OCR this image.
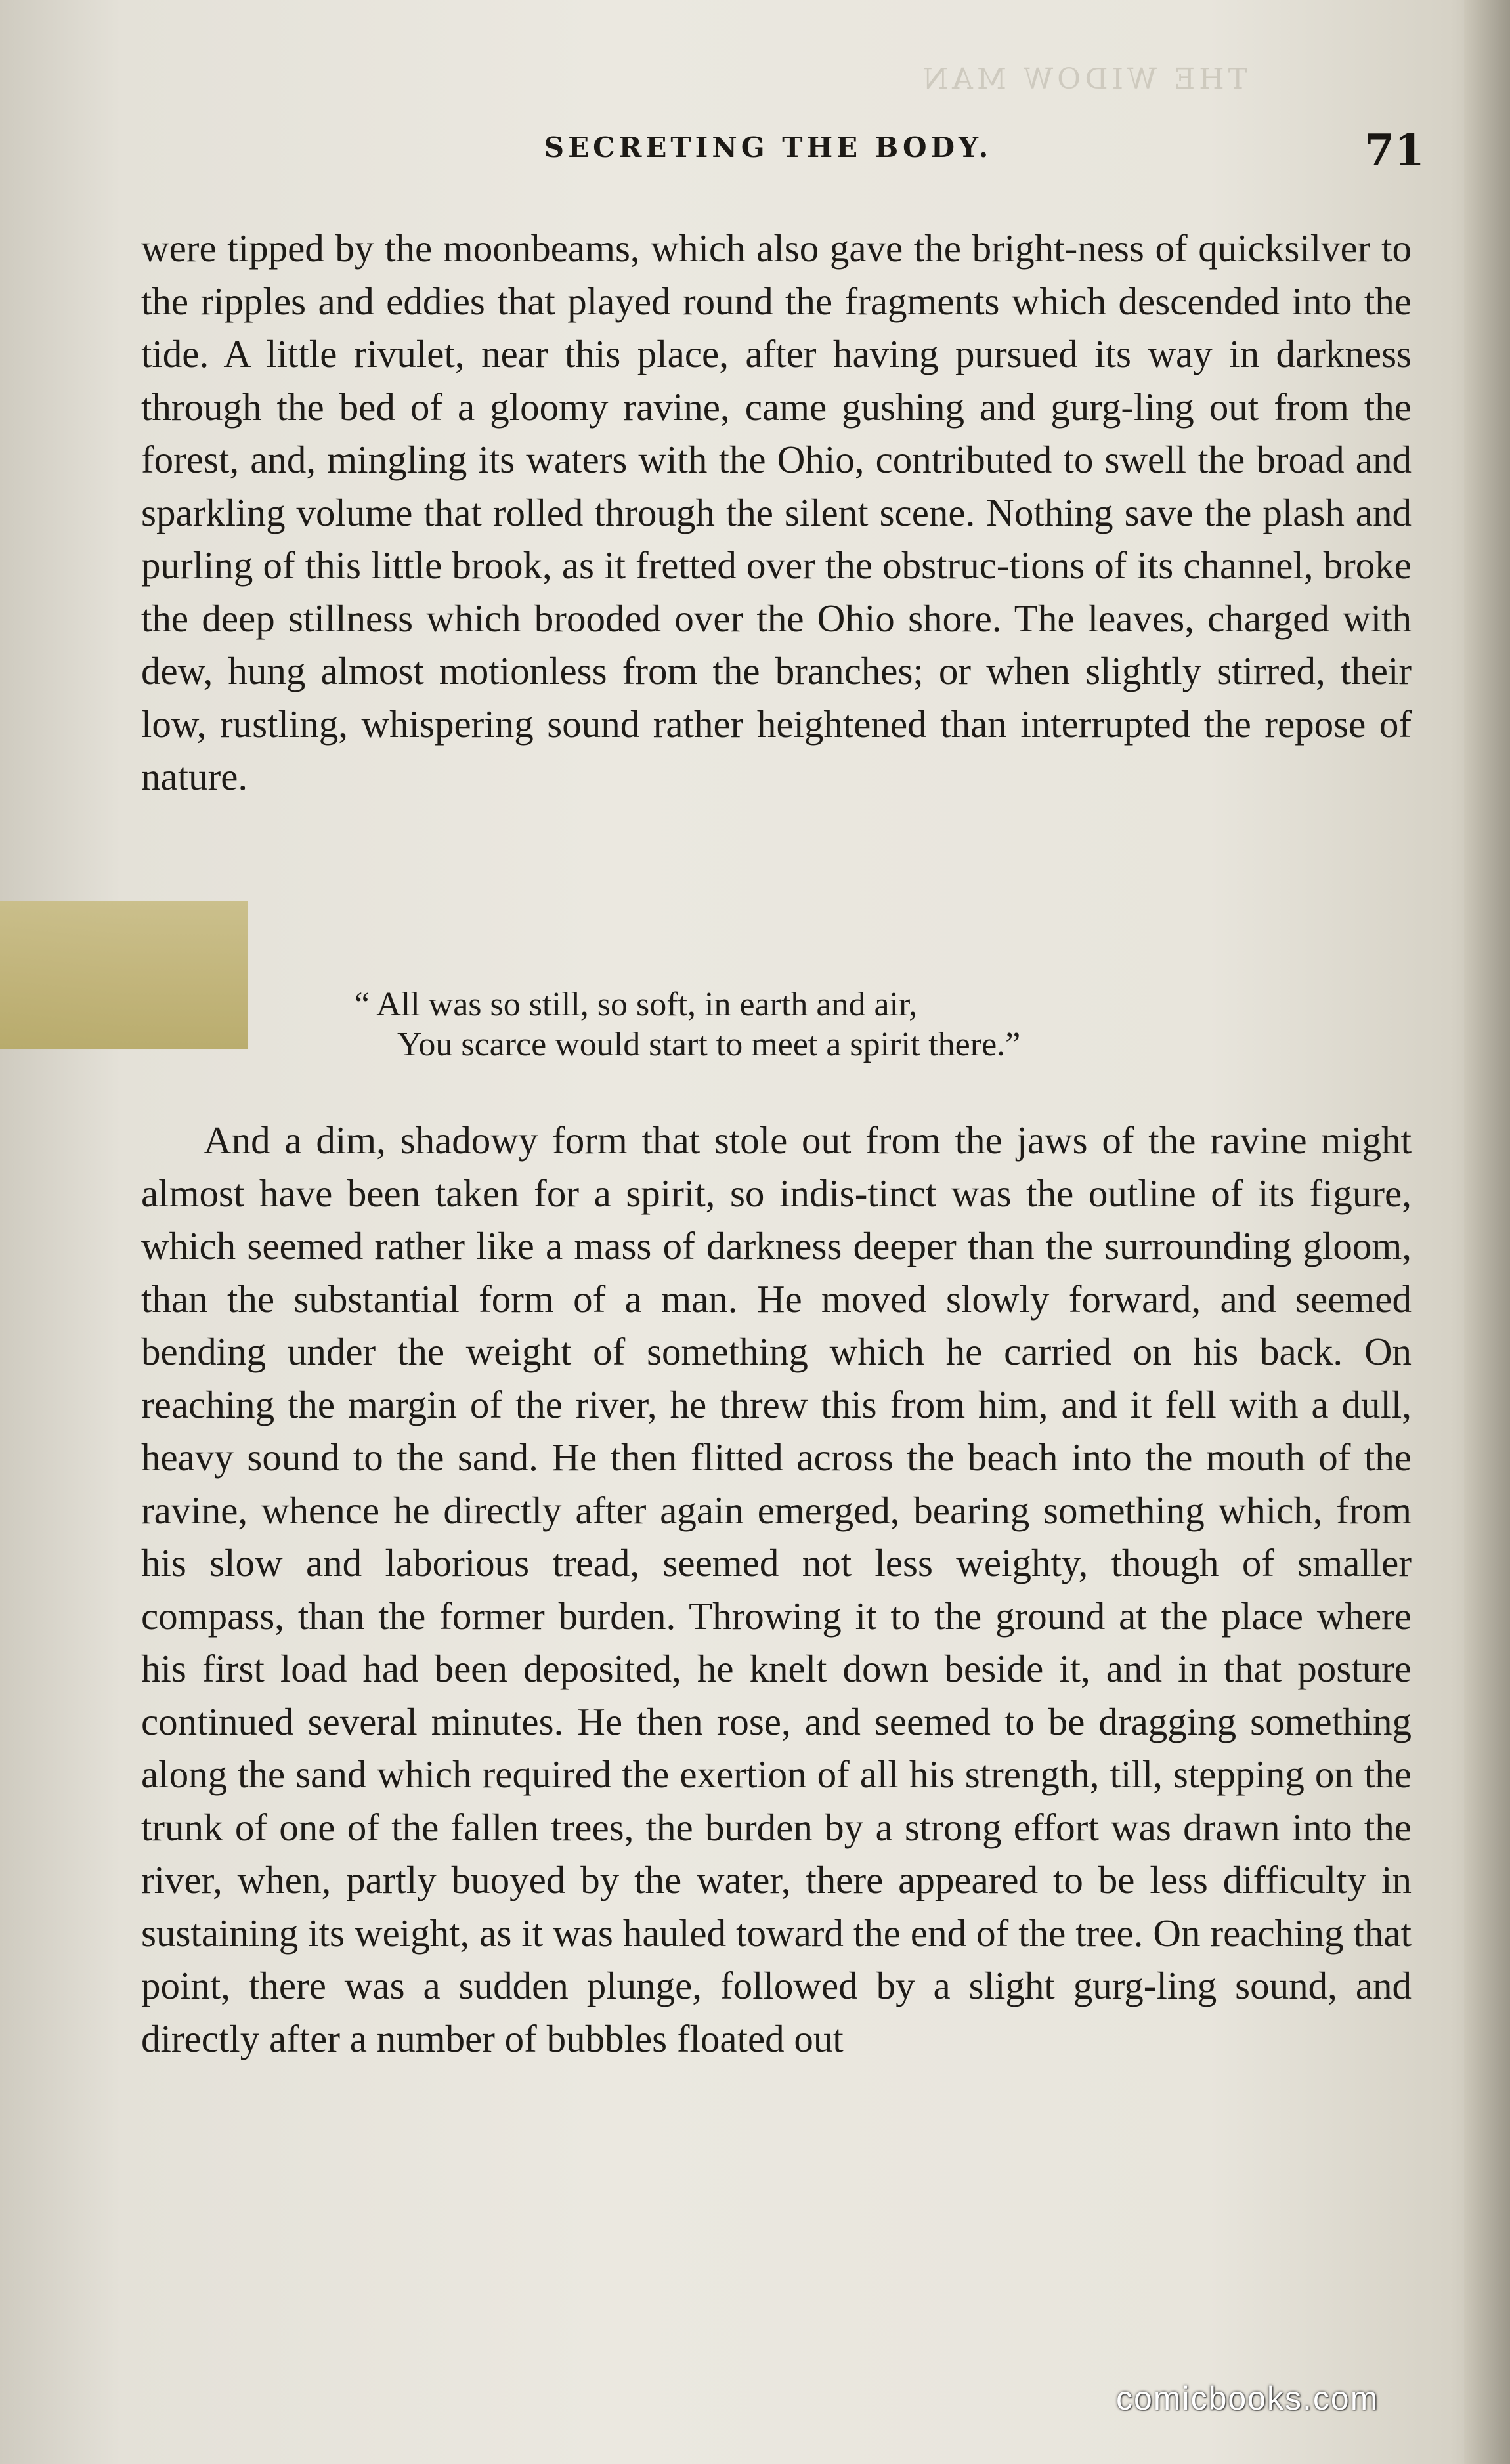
THE WIDOW MAN
SECRETING THE BODY.	71

were tipped by the moonbeams, which also gave the bright-ness of quicksilver to the ripples and eddies that played round the fragments which descended into the tide. A little rivulet, near this place, after having pursued its way in darkness through the bed of a gloomy ravine, came gushing and gurg-ling out from the forest, and, mingling its waters with the Ohio, contributed to swell the broad and sparkling volume that rolled through the silent scene. Nothing save the plash and purling of this little brook, as it fretted over the obstruc-tions of its channel, broke the deep stillness which brooded over the Ohio shore. The leaves, charged with dew, hung almost motionless from the branches; or when slightly stirred, their low, rustling, whispering sound rather heightened than interrupted the repose of nature.

“ All was so still, so soft, in earth and air,
You scarce would start to meet a spirit there.”

And a dim, shadowy form that stole out from the jaws of the ravine might almost have been taken for a spirit, so indis-tinct was the outline of its figure, which seemed rather like a mass of darkness deeper than the surrounding gloom, than the substantial form of a man. He moved slowly forward, and seemed bending under the weight of something which he carried on his back. On reaching the margin of the river, he threw this from him, and it fell with a dull, heavy sound to the sand. He then flitted across the beach into the mouth of the ravine, whence he directly after again emerged, bearing something which, from his slow and laborious tread, seemed not less weighty, though of smaller compass, than the former burden. Throwing it to the ground at the place where his first load had been deposited, he knelt down beside it, and in that posture continued several minutes. He then rose, and seemed to be dragging something along the sand which required the exertion of all his strength, till, stepping on the trunk of one of the fallen trees, the burden by a strong effort was drawn into the river, when, partly buoyed by the water, there appeared to be less difficulty in sustaining its weight, as it was hauled toward the end of the tree. On reaching that point, there was a sudden plunge, followed by a slight gurg-ling sound, and directly after a number of bubbles floated out

comicbooks.com
